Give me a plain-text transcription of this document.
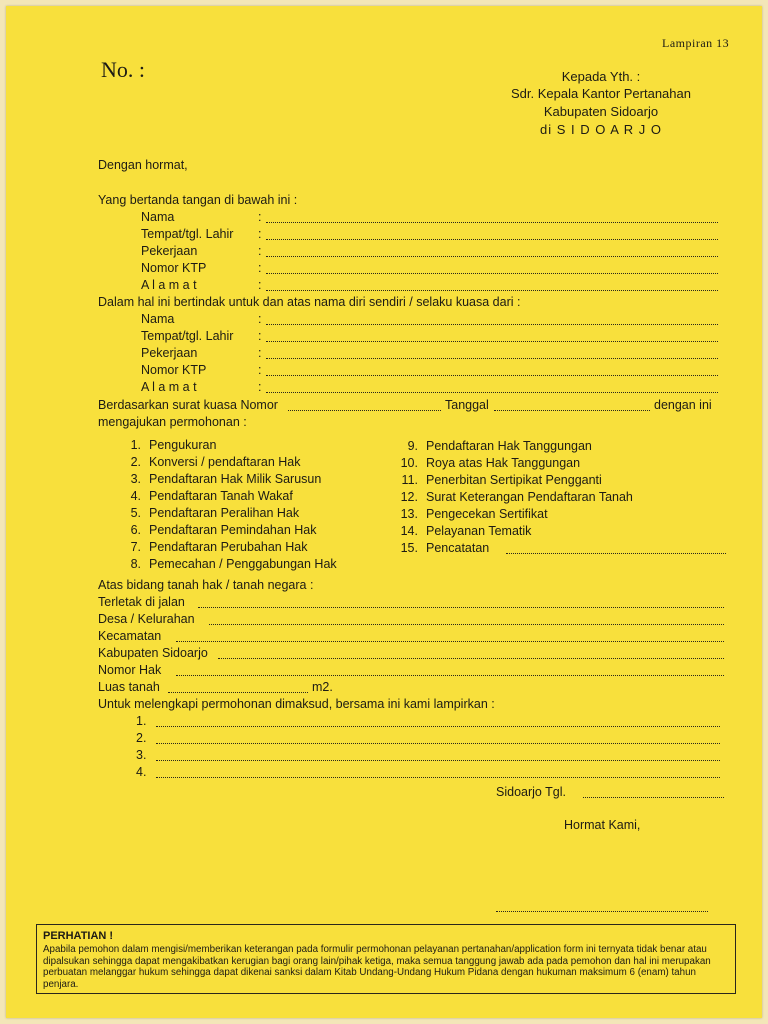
Lampiran 13
No. :	Kepada Yth. :
Sdr. Kepala Kantor Pertanahan
Kabupaten Sidoarjo
di S I D O A R J O
Dengan hormat,
Yang bertanda tangan di bawah ini :
Nama	:
Tempat/tgl. Lahir :
Pekerjaan	:
Nomor KTP	:
A l a m a t	:
Dalam hal ini bertindak untuk dan atas nama diri sendiri / selaku kuasa dari :
Nama	:
Tempat/tgl. Lahir :
Pekerjaan	:
Nomor KTP	:
A l a m a t	:
Berdasarkan surat kuasa Nomor	Tanggal	dengan ini
mengajukan permohonan :
1. Pengukuran
2. Konversi / pendaftaran Hak
3. Pendaftaran Hak Milik Sarusun
4. Pendaftaran Tanah Wakaf
5. Pendaftaran Peralihan Hak
6. Pendaftaran Pemindahan Hak
7. Pendaftaran Perubahan Hak
8. Pemecahan / Penggabungan Hak
9. Pendaftaran Hak Tanggungan
10. Roya atas Hak Tanggungan
11. Penerbitan Sertipikat Pengganti
12. Surat Keterangan Pendaftaran Tanah
13. Pengecekan Sertifikat
14. Pelayanan Tematik
15. Pencatatan
Atas bidang tanah hak / tanah negara :
Terletak di jalan
Desa / Kelurahan
Kecamatan
Kabupaten Sidoarjo
Nomor Hak
Luas tanah	m2.
Untuk melengkapi permohonan dimaksud, bersama ini kami lampirkan :
1.
2.
3.
4.
Sidoarjo Tgl.
Hormat Kami,
PERHATIAN !
Apabila pemohon dalam mengisi/memberikan keterangan pada formulir permohonan pelayanan pertanahan/application form ini ternyata tidak benar atau dipalsukan sehingga dapat mengakibatkan kerugian bagi orang lain/pihak ketiga, maka semua tanggung jawab ada pada pemohon dan hal ini merupakan perbuatan melanggar hukum sehingga dapat dikenai sanksi dalam Kitab Undang-Undang Hukum Pidana dengan hukuman maksimum 6 (enam) tahun penjara.
